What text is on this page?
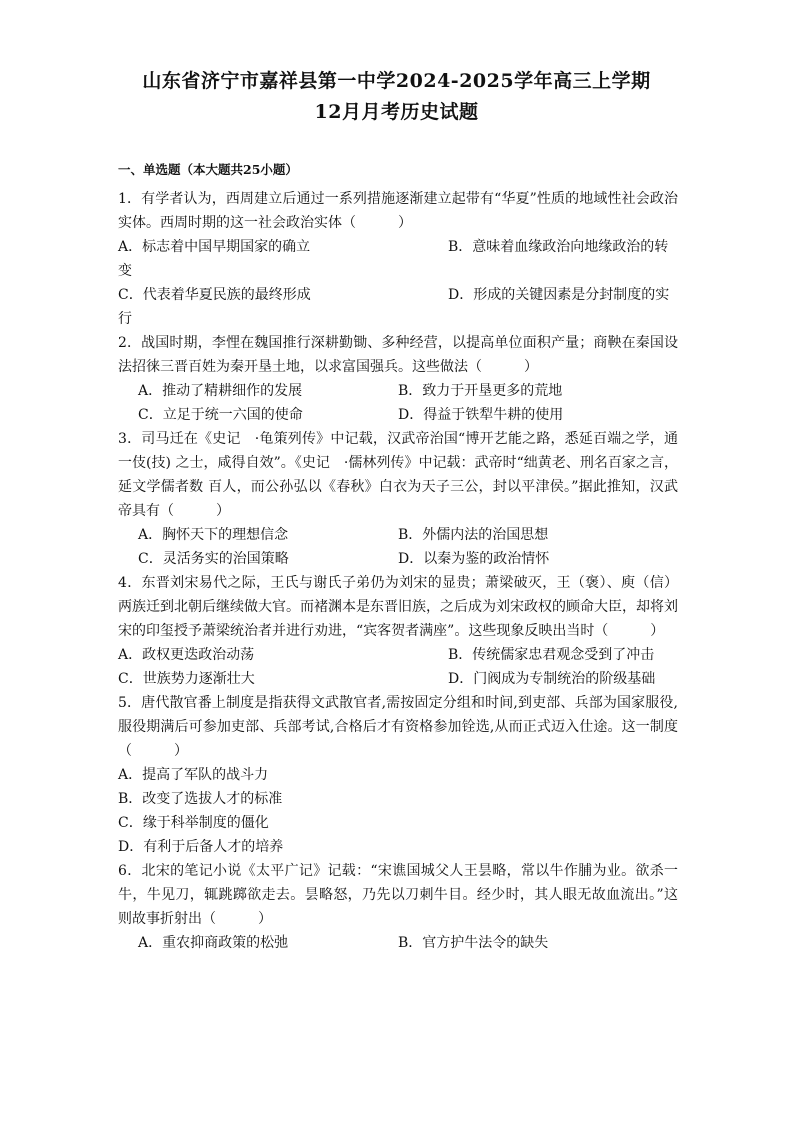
山东省济宁市嘉祥县第一中学2024-2025学年高三上学期
12月月考历史试题
一、单选题（本大题共25小题）

1．有学者认为，西周建立后通过一系列措施逐渐建立起带有“华夏”性质的地域性社会政治实体。西周时期的这一社会政治实体（　　　）

A．标志着中国早期国家的确立	B．意味着血缘政治向地缘政治的转变
C．代表着华夏民族的最终形成	D．形成的关键因素是分封制度的实行

2．战国时期，李悝在魏国推行深耕勤锄、多种经营，以提高单位面积产量；商鞅在秦国设法招徕三晋百姓为秦开垦土地，以求富国强兵。这些做法（　　　）

A．推动了精耕细作的发展	B．致力于开垦更多的荒地
C．立足于统一六国的使命	D．得益于铁犁牛耕的使用

3．司马迁在《史记　·龟策列传》中记载，汉武帝治国“博开艺能之路，悉延百端之学，通一伎(技) 之士，咸得自效”。《史记　·儒林列传》中记载：武帝时“绌黄老、刑名百家之言，延文学儒者数 百人，而公孙弘以《春秋》白衣为天子三公，封以平津侯。”据此推知，汉武帝具有（　　　）

A．胸怀天下的理想信念	B．外儒内法的治国思想
C．灵活务实的治国策略	D．以秦为鉴的政治情怀

4．东晋刘宋易代之际，王氏与谢氏子弟仍为刘宋的显贵；萧梁破灭，王（褒）、庾（信）两族迁到北朝后继续做大官。而褚渊本是东晋旧族，之后成为刘宋政权的顾命大臣，却将刘宋的印玺授予萧梁统治者并进行劝进，“宾客贺者满座”。这些现象反映出当时（　　　）

A．政权更迭政治动荡	B．传统儒家忠君观念受到了冲击
C．世族势力逐渐壮大	D．门阀成为专制统治的阶级基础

5．唐代散官番上制度是指获得文武散官者,需按固定分组和时间,到吏部、兵部为国家服役,服役期满后可参加吏部、兵部考试,合格后才有资格参加铨选,从而正式迈入仕途。这一制度（　　　）

A．提高了军队的战斗力

B．改变了选拔人才的标准

C．缘于科举制度的僵化

D．有利于后备人才的培养

6．北宋的笔记小说《太平广记》记载：“宋谯国城父人王昙略，常以牛作脯为业。欲杀一牛，牛见刀，辄跳踯欲走去。昙略怒，乃先以刀刺牛目。经少时，其人眼无故血流出。”这则故事折射出（　　　）

A．重农抑商政策的松弛	B．官方护牛法令的缺失
